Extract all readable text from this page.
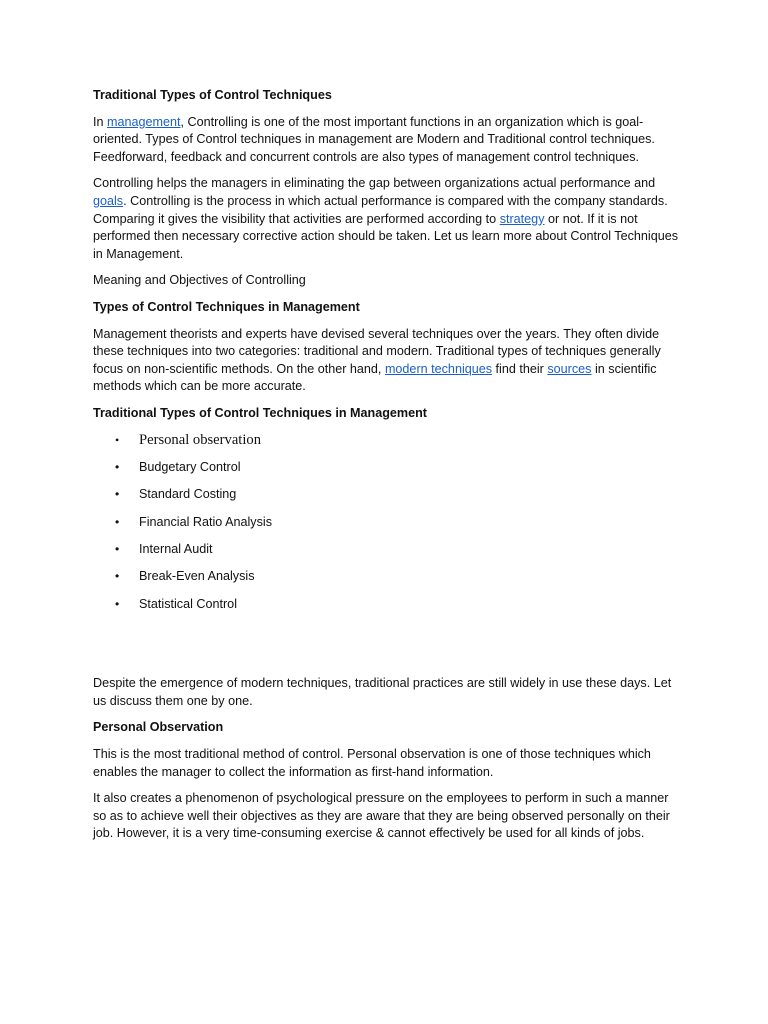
Traditional Types of Control Techniques

In management, Controlling is one of the most important functions in an organization which is goal-oriented. Types of Control techniques in management are Modern and Traditional control techniques. Feedforward, feedback and concurrent controls are also types of management control techniques.

Controlling helps the managers in eliminating the gap between organizations actual performance and goals. Controlling is the process in which actual performance is compared with the company standards. Comparing it gives the visibility that activities are performed according to strategy or not. If it is not performed then necessary corrective action should be taken. Let us learn more about Control Techniques in Management.

Meaning and Objectives of Controlling

Types of Control Techniques in Management

Management theorists and experts have devised several techniques over the years. They often divide these techniques into two categories: traditional and modern. Traditional types of techniques generally focus on non-scientific methods. On the other hand, modern techniques find their sources in scientific methods which can be more accurate.

Traditional Types of Control Techniques in Management
• Personal observation
• Budgetary Control
• Standard Costing
• Financial Ratio Analysis
• Internal Audit
• Break-Even Analysis
• Statistical Control

Despite the emergence of modern techniques, traditional practices are still widely in use these days. Let us discuss them one by one.

Personal Observation

This is the most traditional method of control. Personal observation is one of those techniques which enables the manager to collect the information as first-hand information.

It also creates a phenomenon of psychological pressure on the employees to perform in such a manner so as to achieve well their objectives as they are aware that they are being observed personally on their job. However, it is a very time-consuming exercise & cannot effectively be used for all kinds of jobs.
